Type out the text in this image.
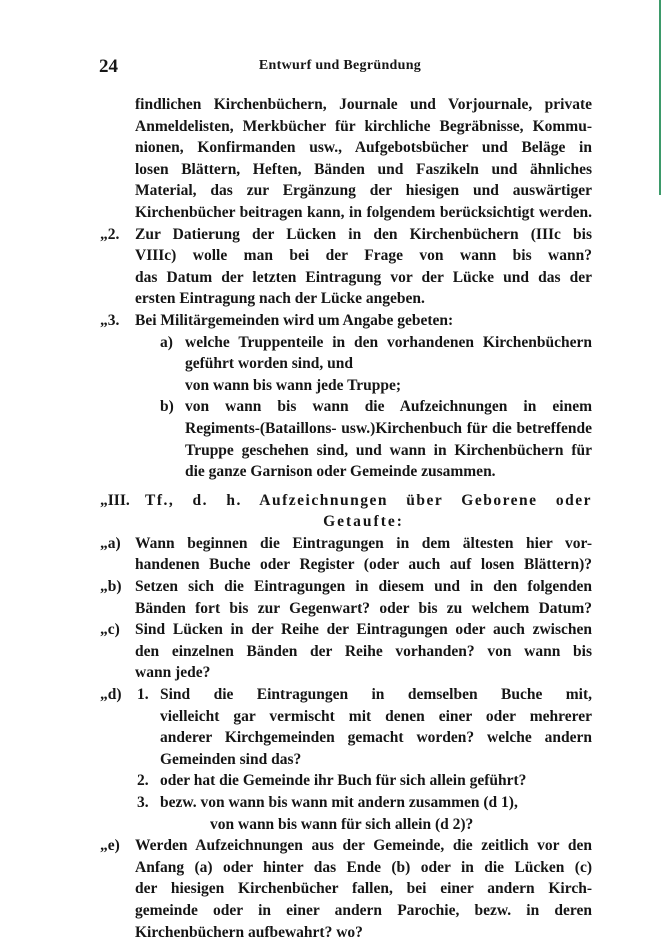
24	Entwurf und Begründung
findlichen Kirchenbüchern, Journale und Vorjournale, private
Anmeldelisten, Merkbücher für kirchliche Begräbnisse, Kommu-
nionen, Konfirmanden usw., Aufgebotsbücher und Beläge in
losen Blättern, Heften, Bänden und Faszikeln und ähnliches
Material, das zur Ergänzung der hiesigen und auswärtiger
Kirchenbücher beitragen kann, in folgendem berücksichtigt werden.
„2. Zur Datierung der Lücken in den Kirchenbüchern (IIIc bis
VIIIc) wolle man bei der Frage von wann bis wann?
das Datum der letzten Eintragung vor der Lücke und das der
ersten Eintragung nach der Lücke angeben.
„3. Bei Militärgemeinden wird um Angabe gebeten:
a) welche Truppenteile in den vorhandenen Kirchenbüchern
geführt worden sind, und
von wann bis wann jede Truppe;
b) von wann bis wann die Aufzeichnungen in einem
Regiments-(Bataillons- usw.)Kirchenbuch für die betreffende
Truppe geschehen sind, und wann in Kirchenbüchern für
die ganze Garnison oder Gemeinde zusammen.
„III. Tf., d. h. Aufzeichnungen über Geborene oder
Getaufte:
„a) Wann beginnen die Eintragungen in dem ältesten hier vor-
handenen Buche oder Register (oder auch auf losen Blättern)?
„b) Setzen sich die Eintragungen in diesem und in den folgenden
Bänden fort bis zur Gegenwart? oder bis zu welchem Datum?
„c) Sind Lücken in der Reihe der Eintragungen oder auch zwischen
den einzelnen Bänden der Reihe vorhanden? von wann bis
wann jede?
„d) 1. Sind die Eintragungen in demselben Buche mit,
vielleicht gar vermischt mit denen einer oder mehrerer
anderer Kirchgemeinden gemacht worden? welche andern
Gemeinden sind das?
2. oder hat die Gemeinde ihr Buch für sich allein geführt?
3. bezw. von wann bis wann mit andern zusammen (d 1),
von wann bis wann für sich allein (d 2)?
„e) Werden Aufzeichnungen aus der Gemeinde, die zeitlich vor den
Anfang (a) oder hinter das Ende (b) oder in die Lücken (c)
der hiesigen Kirchenbücher fallen, bei einer andern Kirch-
gemeinde oder in einer andern Parochie, bezw. in deren
Kirchenbüchern aufbewahrt? wo?
